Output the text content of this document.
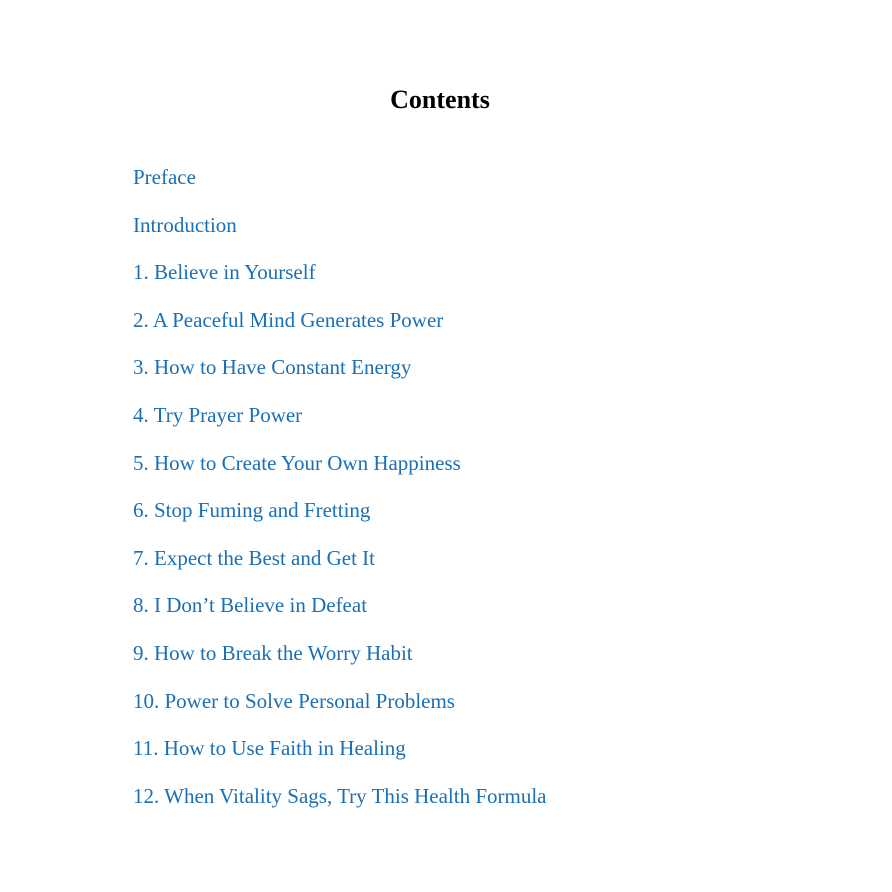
Contents
Preface
Introduction
1. Believe in Yourself
2. A Peaceful Mind Generates Power
3. How to Have Constant Energy
4. Try Prayer Power
5. How to Create Your Own Happiness
6. Stop Fuming and Fretting
7. Expect the Best and Get It
8. I Don’t Believe in Defeat
9. How to Break the Worry Habit
10. Power to Solve Personal Problems
11. How to Use Faith in Healing
12. When Vitality Sags, Try This Health Formula
